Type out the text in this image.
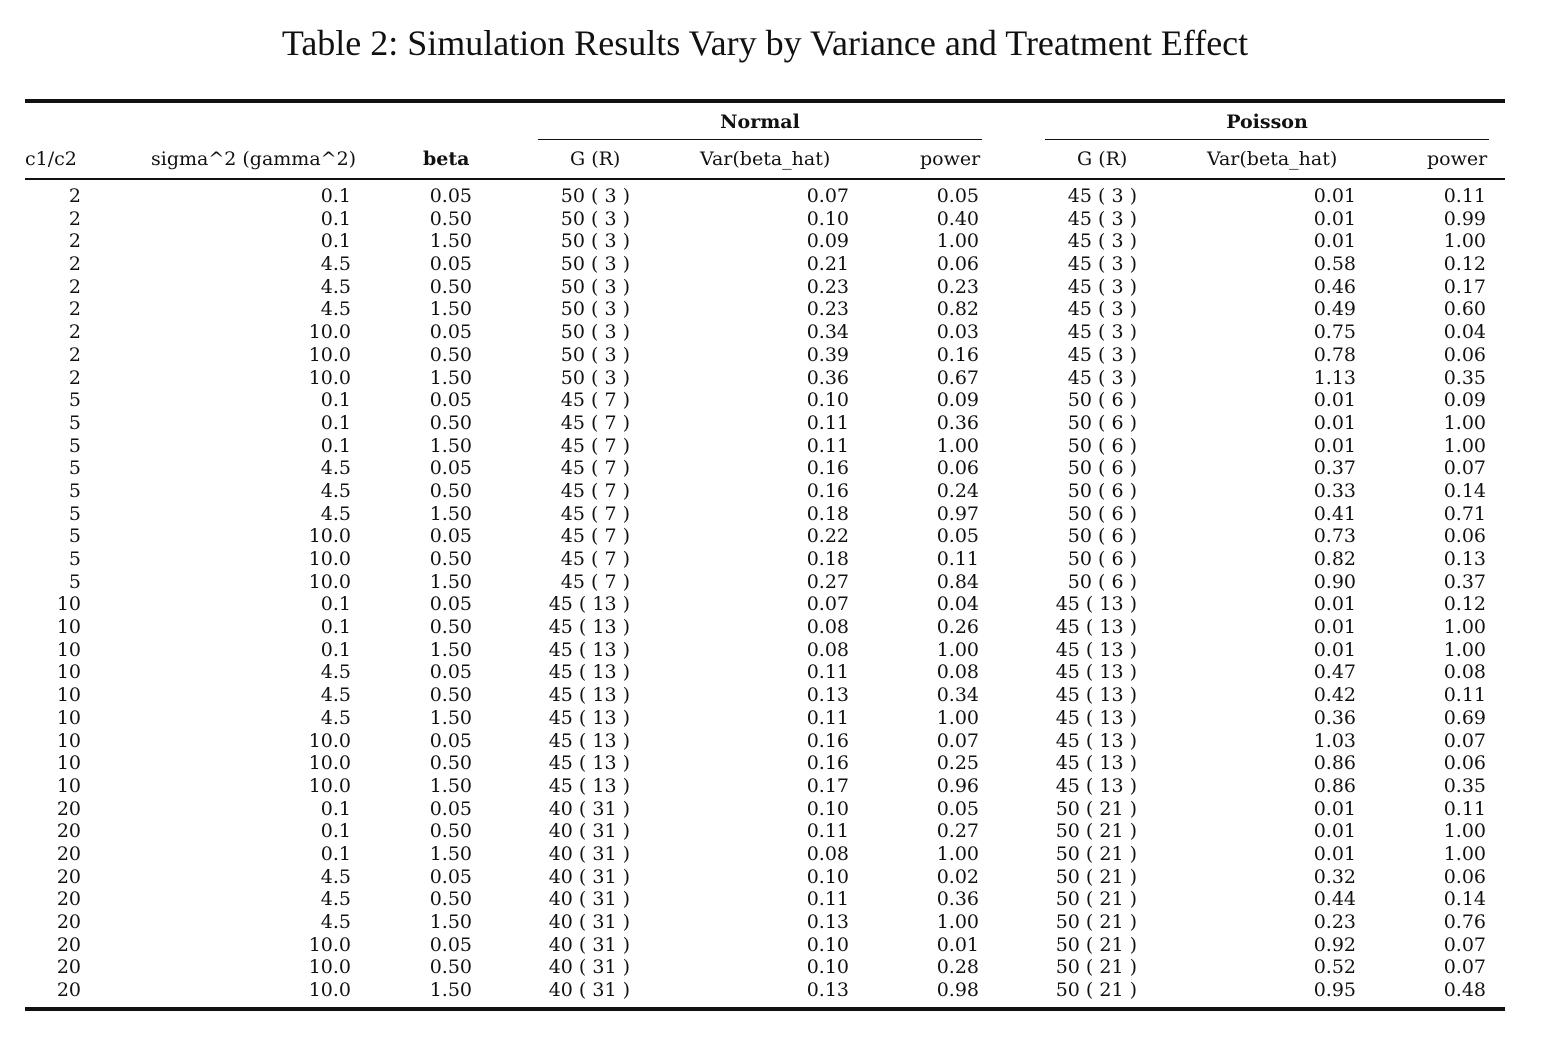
Table 2: Simulation Results Vary by Variance and Treatment Effect
Normal	Poisson
c1/c2	sigma^2 (gamma^2)	beta	G (R)	Var(beta_hat)	power	G (R)	Var(beta_hat)	power
2	0.1	0.05	50 ( 3 )	0.07	0.05	45 ( 3 )	0.01	0.11
2	0.1	0.50	50 ( 3 )	0.10	0.40	45 ( 3 )	0.01	0.99
2	0.1	1.50	50 ( 3 )	0.09	1.00	45 ( 3 )	0.01	1.00
2	4.5	0.05	50 ( 3 )	0.21	0.06	45 ( 3 )	0.58	0.12
2	4.5	0.50	50 ( 3 )	0.23	0.23	45 ( 3 )	0.46	0.17
2	4.5	1.50	50 ( 3 )	0.23	0.82	45 ( 3 )	0.49	0.60
2	10.0	0.05	50 ( 3 )	0.34	0.03	45 ( 3 )	0.75	0.04
2	10.0	0.50	50 ( 3 )	0.39	0.16	45 ( 3 )	0.78	0.06
2	10.0	1.50	50 ( 3 )	0.36	0.67	45 ( 3 )	1.13	0.35
5	0.1	0.05	45 ( 7 )	0.10	0.09	50 ( 6 )	0.01	0.09
5	0.1	0.50	45 ( 7 )	0.11	0.36	50 ( 6 )	0.01	1.00
5	0.1	1.50	45 ( 7 )	0.11	1.00	50 ( 6 )	0.01	1.00
5	4.5	0.05	45 ( 7 )	0.16	0.06	50 ( 6 )	0.37	0.07
5	4.5	0.50	45 ( 7 )	0.16	0.24	50 ( 6 )	0.33	0.14
5	4.5	1.50	45 ( 7 )	0.18	0.97	50 ( 6 )	0.41	0.71
5	10.0	0.05	45 ( 7 )	0.22	0.05	50 ( 6 )	0.73	0.06
5	10.0	0.50	45 ( 7 )	0.18	0.11	50 ( 6 )	0.82	0.13
5	10.0	1.50	45 ( 7 )	0.27	0.84	50 ( 6 )	0.90	0.37
10	0.1	0.05	45 ( 13 )	0.07	0.04	45 ( 13 )	0.01	0.12
10	0.1	0.50	45 ( 13 )	0.08	0.26	45 ( 13 )	0.01	1.00
10	0.1	1.50	45 ( 13 )	0.08	1.00	45 ( 13 )	0.01	1.00
10	4.5	0.05	45 ( 13 )	0.11	0.08	45 ( 13 )	0.47	0.08
10	4.5	0.50	45 ( 13 )	0.13	0.34	45 ( 13 )	0.42	0.11
10	4.5	1.50	45 ( 13 )	0.11	1.00	45 ( 13 )	0.36	0.69
10	10.0	0.05	45 ( 13 )	0.16	0.07	45 ( 13 )	1.03	0.07
10	10.0	0.50	45 ( 13 )	0.16	0.25	45 ( 13 )	0.86	0.06
10	10.0	1.50	45 ( 13 )	0.17	0.96	45 ( 13 )	0.86	0.35
20	0.1	0.05	40 ( 31 )	0.10	0.05	50 ( 21 )	0.01	0.11
20	0.1	0.50	40 ( 31 )	0.11	0.27	50 ( 21 )	0.01	1.00
20	0.1	1.50	40 ( 31 )	0.08	1.00	50 ( 21 )	0.01	1.00
20	4.5	0.05	40 ( 31 )	0.10	0.02	50 ( 21 )	0.32	0.06
20	4.5	0.50	40 ( 31 )	0.11	0.36	50 ( 21 )	0.44	0.14
20	4.5	1.50	40 ( 31 )	0.13	1.00	50 ( 21 )	0.23	0.76
20	10.0	0.05	40 ( 31 )	0.10	0.01	50 ( 21 )	0.92	0.07
20	10.0	0.50	40 ( 31 )	0.10	0.28	50 ( 21 )	0.52	0.07
20	10.0	1.50	40 ( 31 )	0.13	0.98	50 ( 21 )	0.95	0.48
